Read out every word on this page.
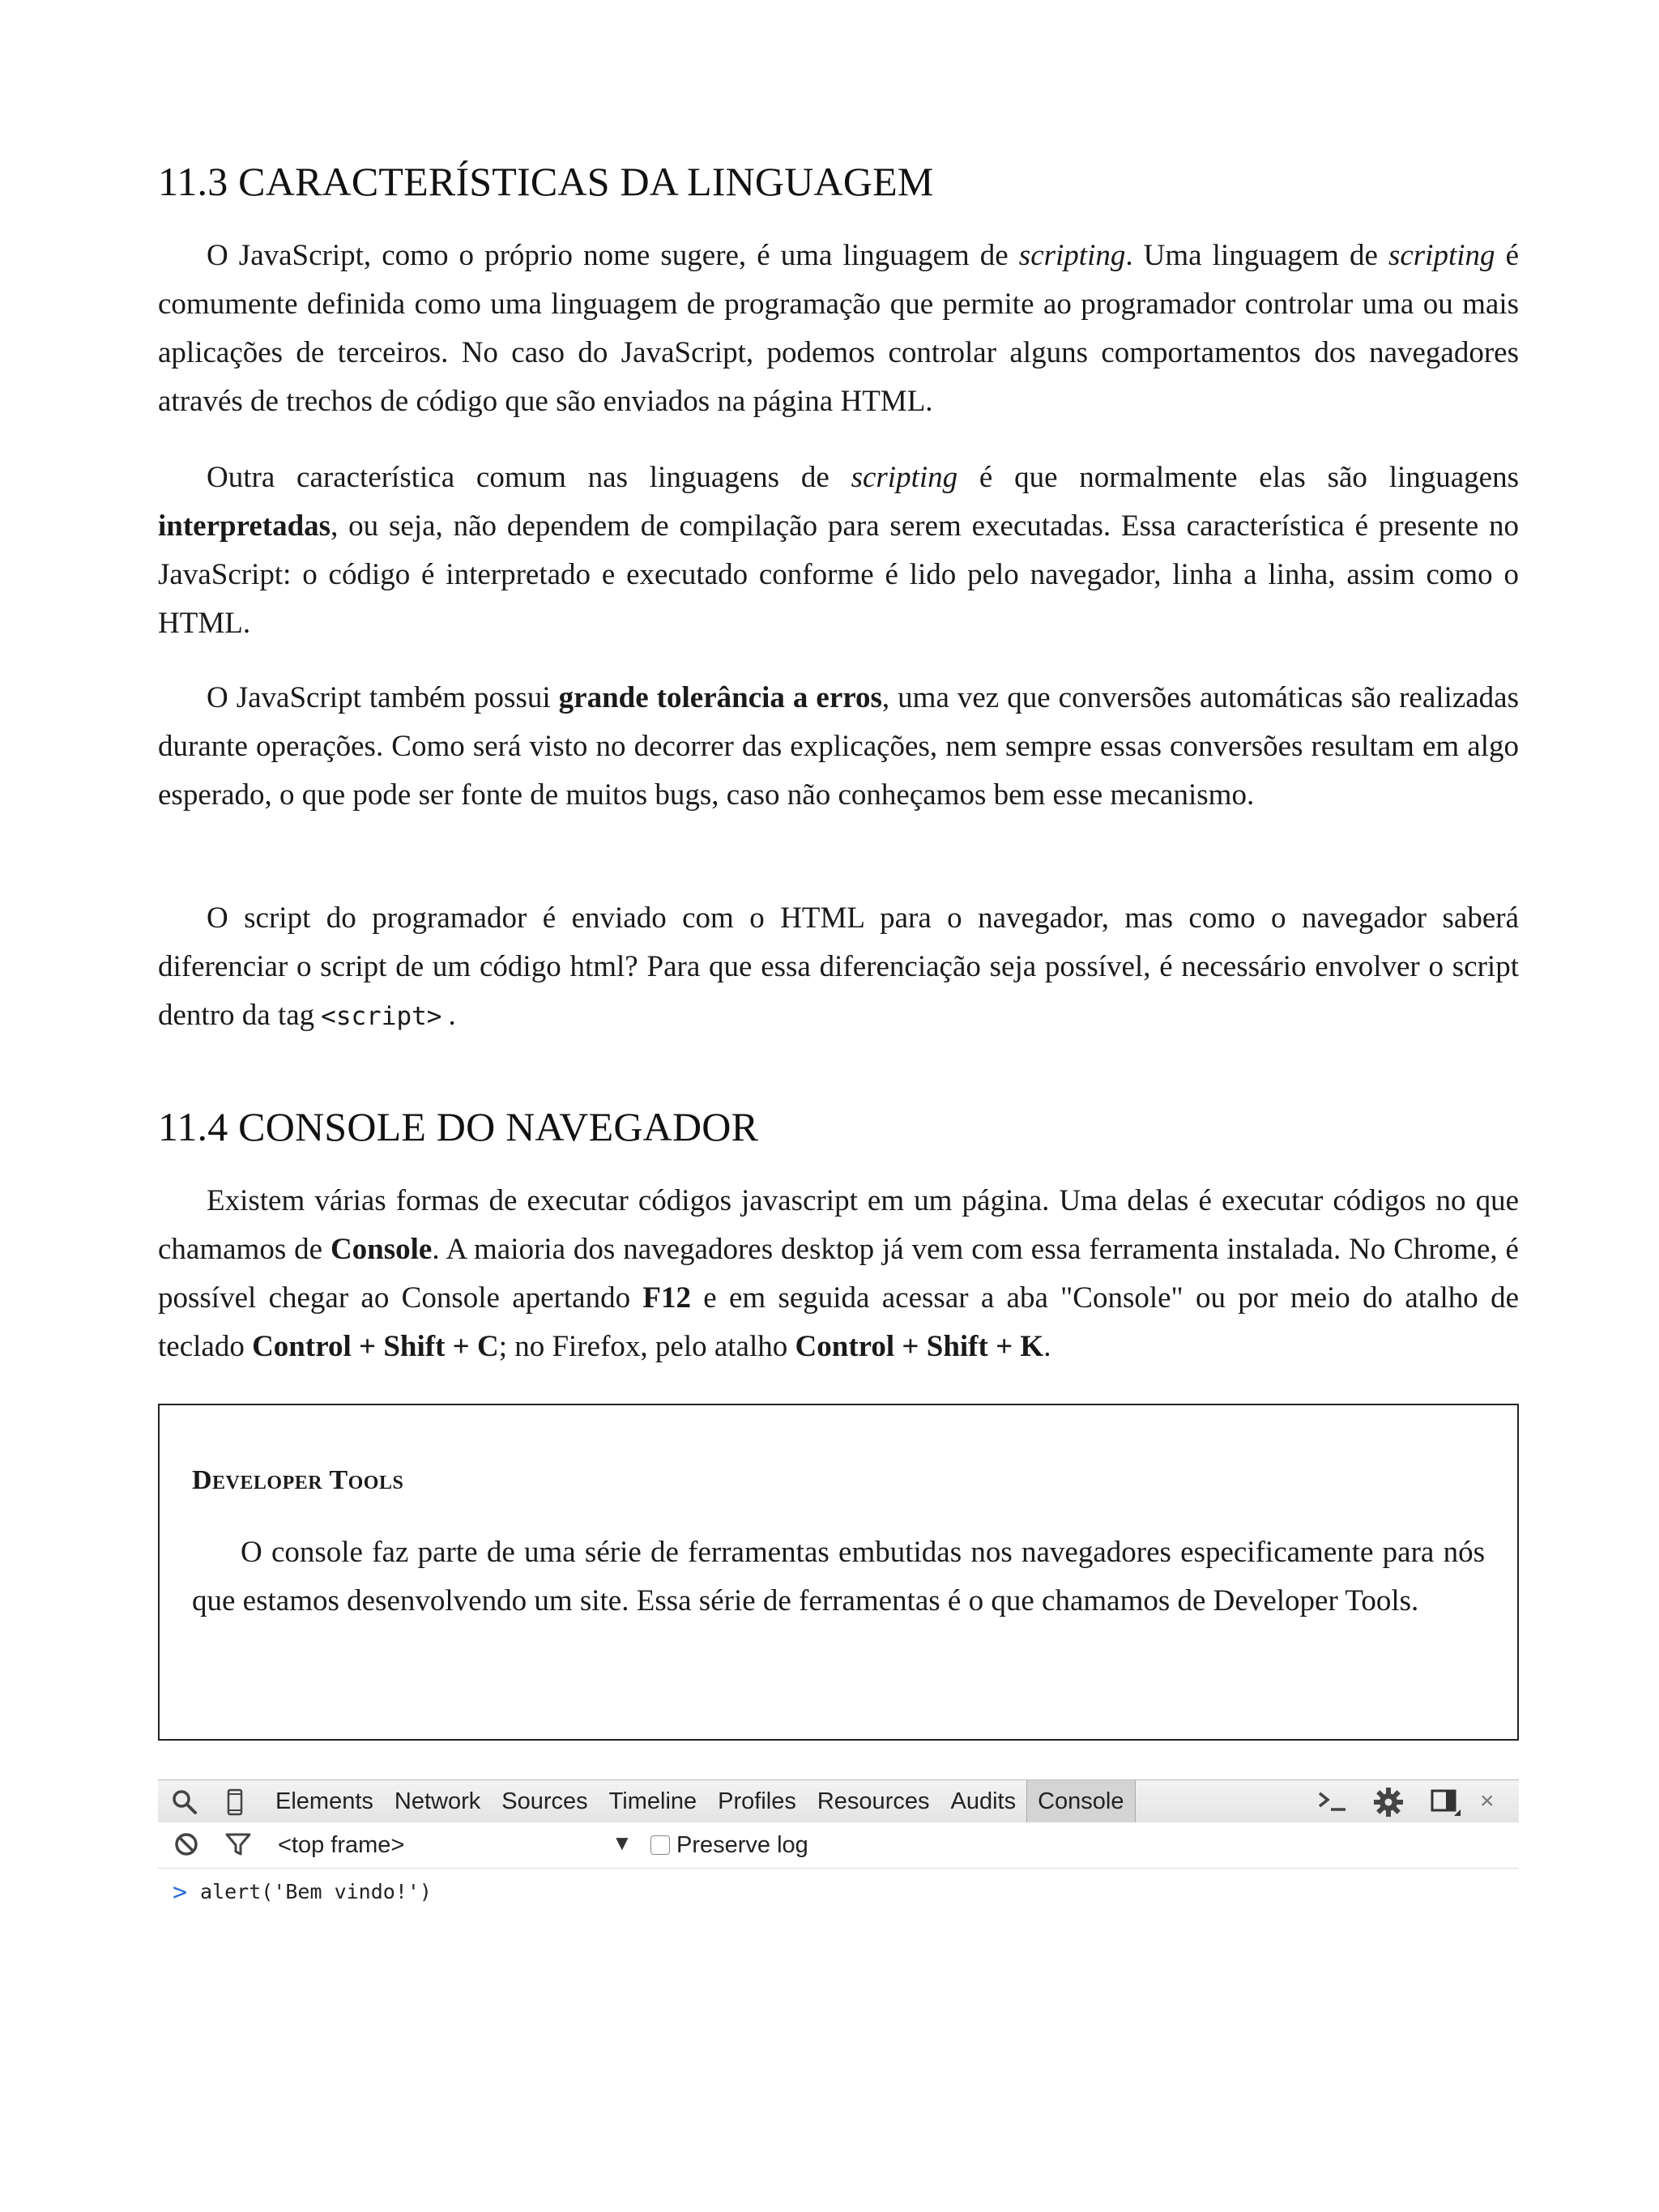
11.3 CARACTERÍSTICAS DA LINGUAGEM

O JavaScript, como o próprio nome sugere, é uma linguagem de scripting. Uma linguagem de scripting é comumente definida como uma linguagem de programação que permite ao programador controlar uma ou mais aplicações de terceiros. No caso do JavaScript, podemos controlar alguns comportamentos dos navegadores através de trechos de código que são enviados na página HTML.

Outra característica comum nas linguagens de scripting é que normalmente elas são linguagens interpretadas, ou seja, não dependem de compilação para serem executadas. Essa característica é presente no JavaScript: o código é interpretado e executado conforme é lido pelo navegador, linha a linha, assim como o HTML.

O JavaScript também possui grande tolerância a erros, uma vez que conversões automáticas são realizadas durante operações. Como será visto no decorrer das explicações, nem sempre essas conversões resultam em algo esperado, o que pode ser fonte de muitos bugs, caso não conheçamos bem esse mecanismo.

O script do programador é enviado com o HTML para o navegador, mas como o navegador saberá diferenciar o script de um código html? Para que essa diferenciação seja possível, é necessário envolver o script dentro da tag <script> .

11.4 CONSOLE DO NAVEGADOR

Existem várias formas de executar códigos javascript em um página. Uma delas é executar códigos no que chamamos de Console. A maioria dos navegadores desktop já vem com essa ferramenta instalada. No Chrome, é possível chegar ao Console apertando F12 e em seguida acessar a aba "Console" ou por meio do atalho de teclado Control + Shift + C; no Firefox, pelo atalho Control + Shift + K.

Developer Tools

O console faz parte de uma série de ferramentas embutidas nos navegadores especificamente para nós que estamos desenvolvendo um site. Essa série de ferramentas é o que chamamos de Developer Tools.

Elements Network Sources Timeline Profiles Resources Audits Console	×
<top frame>	▼ Preserve log
> alert('Bem vindo!')
